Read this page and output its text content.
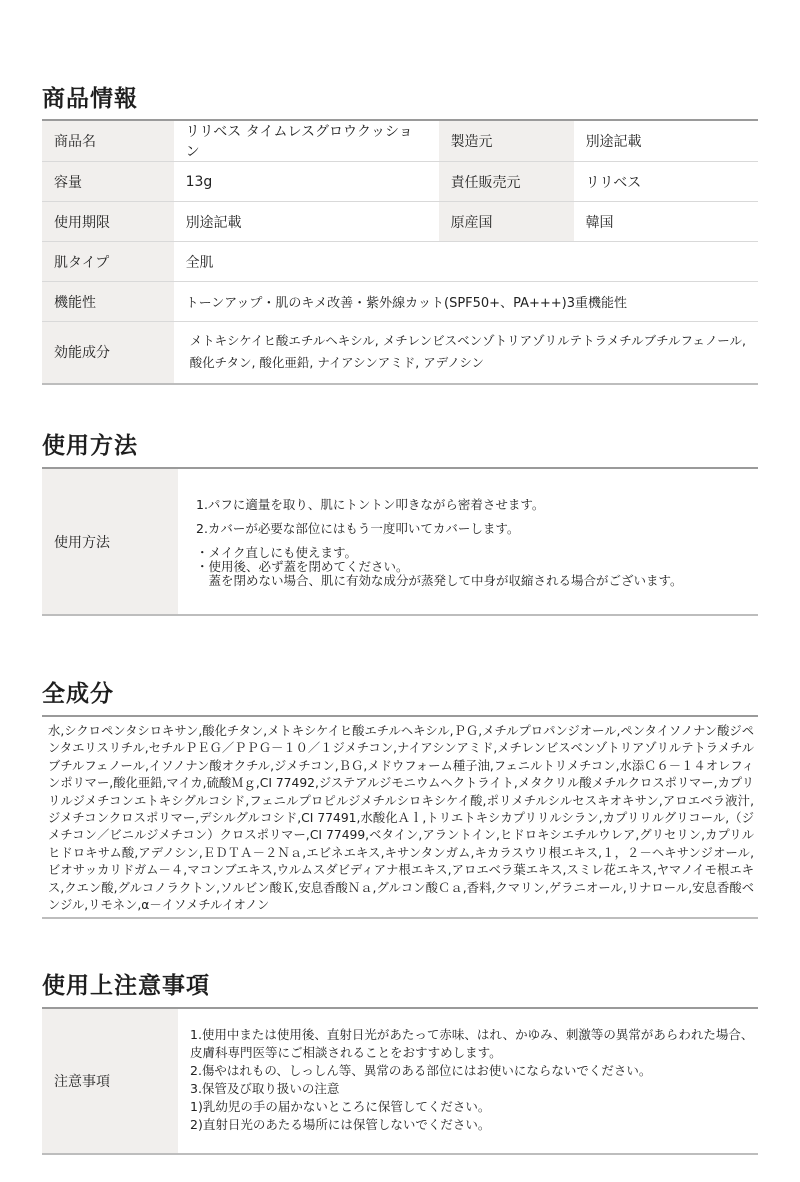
商品情報
商品名	リリベス タイムレスグロウクッション	製造元	別途記載
容量	13g	責任販売元	リリベス
使用期限	別途記載	原産国	韓国
肌タイプ	全肌		
機能性	トーンアップ・肌のキメ改善・紫外線カット(SPF50+、PA+++)3重機能性		
効能成分	メトキシケイヒ酸エチルヘキシル, メチレンビスベンゾトリアゾリルテトラメチルブチルフェノール,
酸化チタン, 酸化亜鉛, ナイアシンアミド, アデノシン		
使用方法
使用方法
1.パフに適量を取り、肌にトントン叩きながら密着させます。
2.カバーが必要な部位にはもう一度叩いてカバーします。
・メイク直しにも使えます。
・使用後、必ず蓋を閉めてください。
　蓋を閉めない場合、肌に有効な成分が蒸発して中身が収縮される場合がございます。
全成分
水,シクロペンタシロキサン,酸化チタン,メトキシケイヒ酸エチルヘキシル,ＰＧ,メチルプロパンジオール,ペンタイソノナン酸ジペンタエリスリチル,セチルＰＥＧ／ＰＰＧ－１０／１ジメチコン,ナイアシンアミド,メチレンビスベンゾトリアゾリルテトラメチルブチルフェノール,イソノナン酸オクチル,ジメチコン,ＢＧ,メドウフォーム種子油,フェニルトリメチコン,水添Ｃ６－１４オレフィンポリマー,酸化亜鉛,マイカ,硫酸Ｍｇ,CI 77492,ジステアルジモニウムヘクトライト,メタクリル酸メチルクロスポリマー,カプリリルジメチコンエトキシグルコシド,フェニルプロピルジメチルシロキシケイ酸,ポリメチルシルセスキオキサン,アロエベラ液汁,ジメチコンクロスポリマー,デシルグルコシド,CI 77491,水酸化Ａｌ,トリエトキシカプリリルシラン,カプリリルグリコール,（ジメチコン／ビニルジメチコン）クロスポリマー,CI 77499,ベタイン,アラントイン,ヒドロキシエチルウレア,グリセリン,カプリルヒドロキサム酸,アデノシン,ＥＤＴＡ－２Ｎａ,エビネエキス,キサンタンガム,キカラスウリ根エキス,１，２－ヘキサンジオール,ビオサッカリドガム－４,マコンブエキス,ウルムスダビディアナ根エキス,アロエベラ葉エキス,スミレ花エキス,ヤマノイモ根エキス,クエン酸,グルコノラクトン,ソルビン酸Ｋ,安息香酸Ｎａ,グルコン酸Ｃａ,香料,クマリン,ゲラニオール,リナロール,安息香酸ベンジル,リモネン,α－イソメチルイオノン
使用上注意事項
注意事項
1.使用中または使用後、直射日光があたって赤味、はれ、かゆみ、刺激等の異常があらわれた場合、
皮膚科専門医等にご相談されることをおすすめします。
2.傷やはれもの、しっしん等、異常のある部位にはお使いにならないでください。
3.保管及び取り扱いの注意
1)乳幼児の手の届かないところに保管してください。
2)直射日光のあたる場所には保管しないでください。
